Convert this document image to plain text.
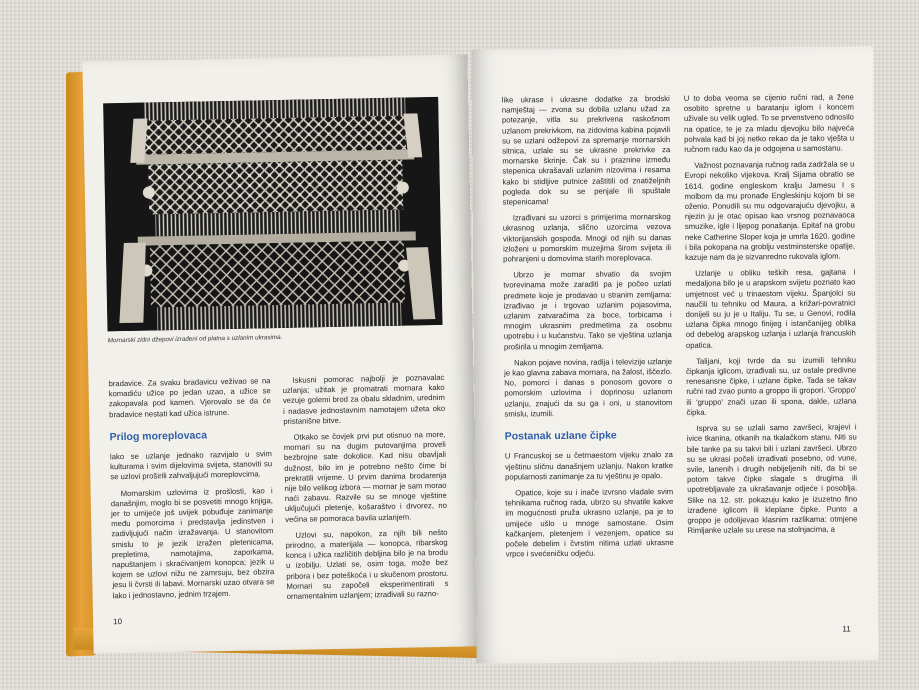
Mornarski zidni džepovi izrađeni od platna s uzlanim ukrasima.

bradavice. Za svaku bradavicu veživao se na komadiću užice po jedan uzao, a užice se zakopavala pod kamen. Vjerovalo se da će bradavice nestati kad užica istrune.

Prilog moreplovaca

lako se uzlanje jednako razvijalo u svim kulturama i svim dijelovima svijeta, stanoviti su se uzlovi proširili zahvaljujući moreplovcima.

Mornarskim uzlovima iz prošlosti, kao i današnjim, moglo bi se posvetiti mnogo knjiga, jer to umijeće još uvijek pobuđuje zanimanje među pomorcima i predstavlja jedinstven i zadivljujući način izražavanja. U stanovitom smislu to je jezik izražen pletenicama, prepletima, namotajima, zaporkama, napuštanjem i skraćivanjem konopca; jezik u kojem se uzlovi nižu ne zamrsuju, bez obzira jesu li čvrsti ili labavi. Mornarski uzao otvara se lako i jednostavno, jednim trzajem.

Iskusni pomorac najbolji je poznavalac uzlanja; užitak je promatrati mornara kako vezuje golemi brod za obalu skladnim, urednim i nadasve jednostavnim namotajem užeta oko pristanišne bitve.

Otkako se čovjek prvi put otisnuo na more, mornari su na dugim putovanjima proveli bezbrojne sate dokolice. Kad nisu obavljali dužnost, bilo im je potrebno nešto čime bi prekratili vrijeme. U prvim danima brodarenja nije bilo velikog izbora — mornar je sam morao naći zabavu. Razvile su se mnoge vještine uključujući pletenje, košaraštvo i drvorez, no većina se pomoraca bavila uzlanjem.

Uzlovi su, napokon, za njih bili nešto prirodno, a materijala — konopca, ribarskog konca i užica različitih debljina bilo je na brodu u izobilju. Uzlati se, osim toga, može bez pribora i bez poteškoća i u skučenom prostoru. Mornari su započeli eksperimentirati s ornamentalnim uzlanjem; izrađivali su razno-

10

like ukrase i ukrasne dodatke za brodski namještaj — zvona su dobila uzlanu užad za potezanje, vitla su prekrivena raskošnom uzlanom prekrivkom, na zidovima kabina pojavili su se uzlani odžepovi za spremanje mornarskih sitnica, uzlale su se ukrasne prekrivke za mornarske škrinje. Čak su i praznine između stepenica ukrašavali uzlanim nizovima i resama kako bi stidljive putnice zaštitili od znatiželjnih pogleda dok su se penjale ili spuštale stepenicama!

Izrađivani su uzorci s primjerima mornarskog ukrasnog uzlanja, slično uzorcima vezova viktorijanskih gospođa. Mnogi od njih su danas izloženi u pomorskim muzejima širom svijeta ili pohranjeni u domovima starih moreplovaca.

Ubrzo je mornar shvatio da svojim tvorevinama može zaraditi pa je počeo uzlati predmete koje je prodavao u stranim zemljama: izrađivao je i trgovao uzlanim pojasovima, uzlanim zatvaračima za boce, torbicama i mnogim ukrasnim predmetima za osobnu upotrebu i u kućanstvu. Tako se vještina uzlanja proširila u mnogim zemljama.

Nakon pojave novina, radija i televizije uzlanje je kao glavna zabava mornara, na žalost, iščezlo. No, pomorci i danas s ponosom govore o pomorskim uzlovima i doprinosu uzlanom uzlanju, znajući da su ga i oni, u stanovitom smislu, izumili.

Postanak uzlane čipke

U Francuskoj se u četrnaestom vijeku znalo za vještinu sličnu današnjem uzlanju. Nakon kratke popularnosti zanimanje za tu vještinu je opalo.

Opatice, koje su i inače izvrsno vladale svim tehnikama ručnog rada, ubrzo su shvatile kakve im mogućnosti pruža ukrasno uzlanje, pa je to umijeće ušlo u mnoge samostane. Osim kačkanjem, pletenjem i vezenjem, opatice su počele debelim i čvrstim nitima uzlati ukrasne vrpce i svećeničku odjeću.

U to doba veoma se cijenio ručni rad, a žene osobito spretne u baratanju iglom i koncem uživale su velik ugled. To se prvenstveno odnosilo na opatice, te je za mladu djevojku bilo najveća pohvala kad bi joj netko rekao da je tako vješta u ručnom radu kao da je odgojena u samostanu.

Važnost poznavanja ručnog rada zadržala se u Evropi nekoliko vijekova. Kralj Sijama obratio se 1614. godine engleskom kralju Jamesu I s molbom da mu pronađe Engleskinju kojom bi se oženio. Ponudili su mu odgovarajuću djevojku, a njezin ju je otac opisao kao vrsnog poznavaoca smuzike, igle i lijepog ponašanja. Epitaf na grobu neke Catherine Sloper koja je umrla 1620. godine i bila pokopana na groblju vestminsterske opatije, kazuje nam da je sizvanredno rukovala iglom.

Uzlanje u obliku teških resa, gajtana i medaljona bilo je u arapskom svijetu poznato kao umjetnost već u trinaestom vijeku. Španjolci su naučili tu tehniku od Maura, a križari-povratnici donijeli su ju je u Italiju. Tu se, u Genovi, rodila uzlana čipka mnogo finijeg i istančanijeg oblika od debelog arapskog uzlanja i uzlanja francuskih opatica.

Talijani, koji tvrde da su izumili tehniku čipkanja iglicom, izrađivali su, uz ostale predivne renesansne čipke, i uzlane čipke. Tada se takav ručni rad zvao punto a groppo ili gropori. 'Groppo' ili 'gruppo' znači uzao ili spona, dakle, uzlana čipka.

Isprva su se uzlali samo završeci, krajevi i ivice tkanina, otkanih na tkalačkom stanu. Niti su bile tanke pa su takvi bili i uzlani završeci. Ubrzo su se ukrasi počeli izrađivati posebno, od vune, svile, lanenih i drugih nebijeljenih niti, da bi se potom takve čipke slagale s drugima ili upotrebljavale za ukrašavanje odjeće i posoblja. Slike na 12. str. pokazuju kako je izuzetno fino izrađene iglicom ili kleplane čipke. Punto a groppo je odolijevao klasnim razlikama: otmjene Rimljanke uzlale su urese na stolnjacima, a

11
